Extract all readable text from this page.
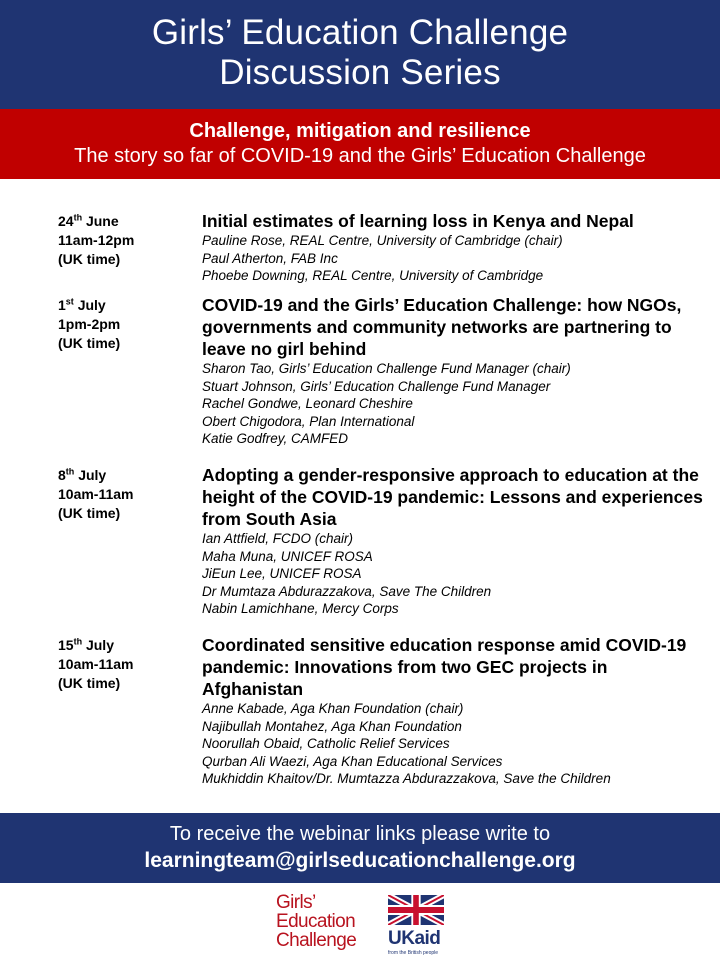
Girls’ Education Challenge
Discussion Series
Challenge, mitigation and resilience
The story so far of COVID-19 and the Girls’ Education Challenge
24th June
11am-12pm
(UK time)
Initial estimates of learning loss in Kenya and Nepal
Pauline Rose, REAL Centre, University of Cambridge (chair)
Paul Atherton, FAB Inc
Phoebe Downing, REAL Centre, University of Cambridge
1st July
1pm-2pm
(UK time)
COVID-19 and the Girls’ Education Challenge: how NGOs, governments and community networks are partnering to leave no girl behind
Sharon Tao, Girls’ Education Challenge Fund Manager (chair)
Stuart Johnson, Girls’ Education Challenge Fund Manager
Rachel Gondwe, Leonard Cheshire
Obert Chigodora, Plan International
Katie Godfrey, CAMFED
8th July
10am-11am
(UK time)
Adopting a gender-responsive approach to education at the height of the COVID-19 pandemic: Lessons and experiences from South Asia
Ian Attfield, FCDO (chair)
Maha Muna, UNICEF ROSA
JiEun Lee, UNICEF ROSA
Dr Mumtaza Abdurazzakova, Save The Children
Nabin Lamichhane, Mercy Corps
15th July
10am-11am
(UK time)
Coordinated sensitive education response amid COVID-19 pandemic: Innovations from two GEC projects in Afghanistan
Anne Kabade, Aga Khan Foundation (chair)
Najibullah Montahez, Aga Khan Foundation
Noorullah Obaid, Catholic Relief Services
Qurban Ali Waezi, Aga Khan Educational Services
Mukhiddin Khaitov/Dr. Mumtazza Abdurazzakova, Save the Children
To receive the webinar links please write to
learningteam@girlseducationchallenge.org
Girls’
Education
Challenge	UKaid
from the British people
